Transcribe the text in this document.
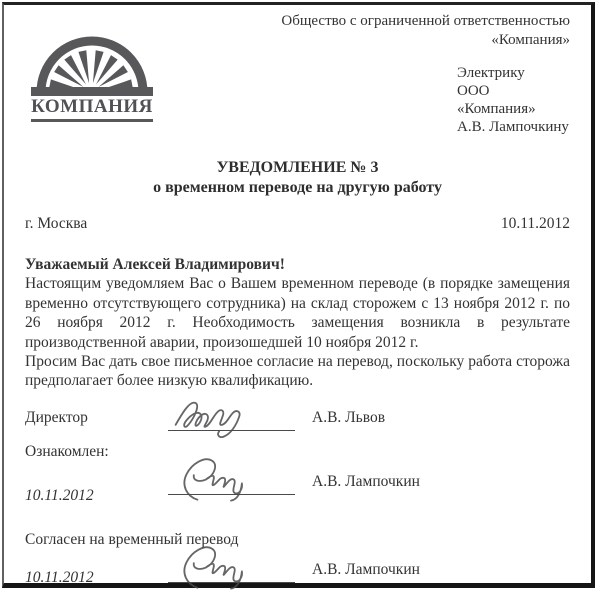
КОМПАНИЯ
Общество с ограниченной ответственностью
«Компания»
Электрику
ООО «Компания»
А.В. Лампочкину
УВЕДОМЛЕНИЕ № 3
о временном переводе на другую работу
г. Москва	10.11.2012

Уважаемый Алексей Владимирович!

Настоящим уведомляем Вас о Вашем временном переводе (в порядке замещения временно отсутствующего сотрудника) на склад сторожем с 13 ноября 2012 г. по 26 ноября 2012 г. Необходимость замещения возникла в результате производственной аварии, произошедшей 10 ноября 2012 г.

Просим Вас дать свое письменное согласие на перевод, поскольку работа сторожа предполагает более низкую квалификацию.

Директор	А.В. Львов
Ознакомлен:
10.11.2012
А.В. Лампочкин
Согласен на временный перевод
10.11.2012	А.В. Лампочкин
